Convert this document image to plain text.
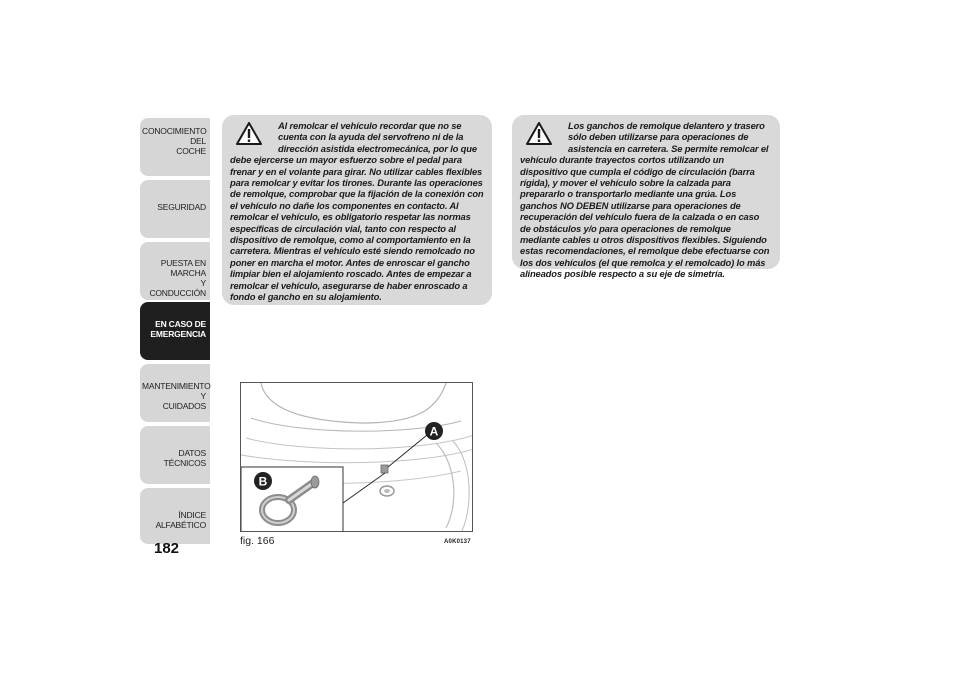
CONOCIMIENTO DEL
COCHE
SEGURIDAD
PUESTA EN MARCHA
Y CONDUCCIÓN
EN CASO DE
EMERGENCIA
MANTENIMIENTO Y
CUIDADOS
DATOS TÉCNICOS
ÍNDICE ALFABÉTICO
182
Al remolcar el vehículo recordar que no se cuenta con la ayuda del servofreno ni de la dirección asistida electromecánica, por lo que debe ejercerse un mayor esfuerzo sobre el pedal para frenar y en el volante para girar. No utilizar cables flexibles para remolcar y evitar los tirones. Durante las operaciones de remolque, comprobar que la fijación de la conexión con el vehículo no dañe los componentes en contacto. Al remolcar el vehículo, es obligatorio respetar las normas específicas de circulación vial, tanto con respecto al dispositivo de remolque, como al comportamiento en la carretera. Mientras el vehículo esté siendo remolcado no poner en marcha el motor. Antes de enroscar el gancho limpiar bien el alojamiento roscado. Antes de empezar a remolcar el vehículo, asegurarse de haber enroscado a fondo el gancho en su alojamiento.
Los ganchos de remolque delantero y trasero sólo deben utilizarse para operaciones de asistencia en carretera. Se permite remolcar el vehículo durante trayectos cortos utilizando un dispositivo que cumpla el código de circulación (barra rígida), y mover el vehículo sobre la calzada para prepararlo o transportarlo mediante una grúa. Los ganchos NO DEBEN utilizarse para operaciones de recuperación del vehículo fuera de la calzada o en caso de obstáculos y/o para operaciones de remolque mediante cables u otros dispositivos flexibles. Siguiendo estas recomendaciones, el remolque debe efectuarse con los dos vehículos (el que remolca y el remolcado) lo más alineados posible respecto a su eje de simetría.
A
B
fig. 166	A0K0137
